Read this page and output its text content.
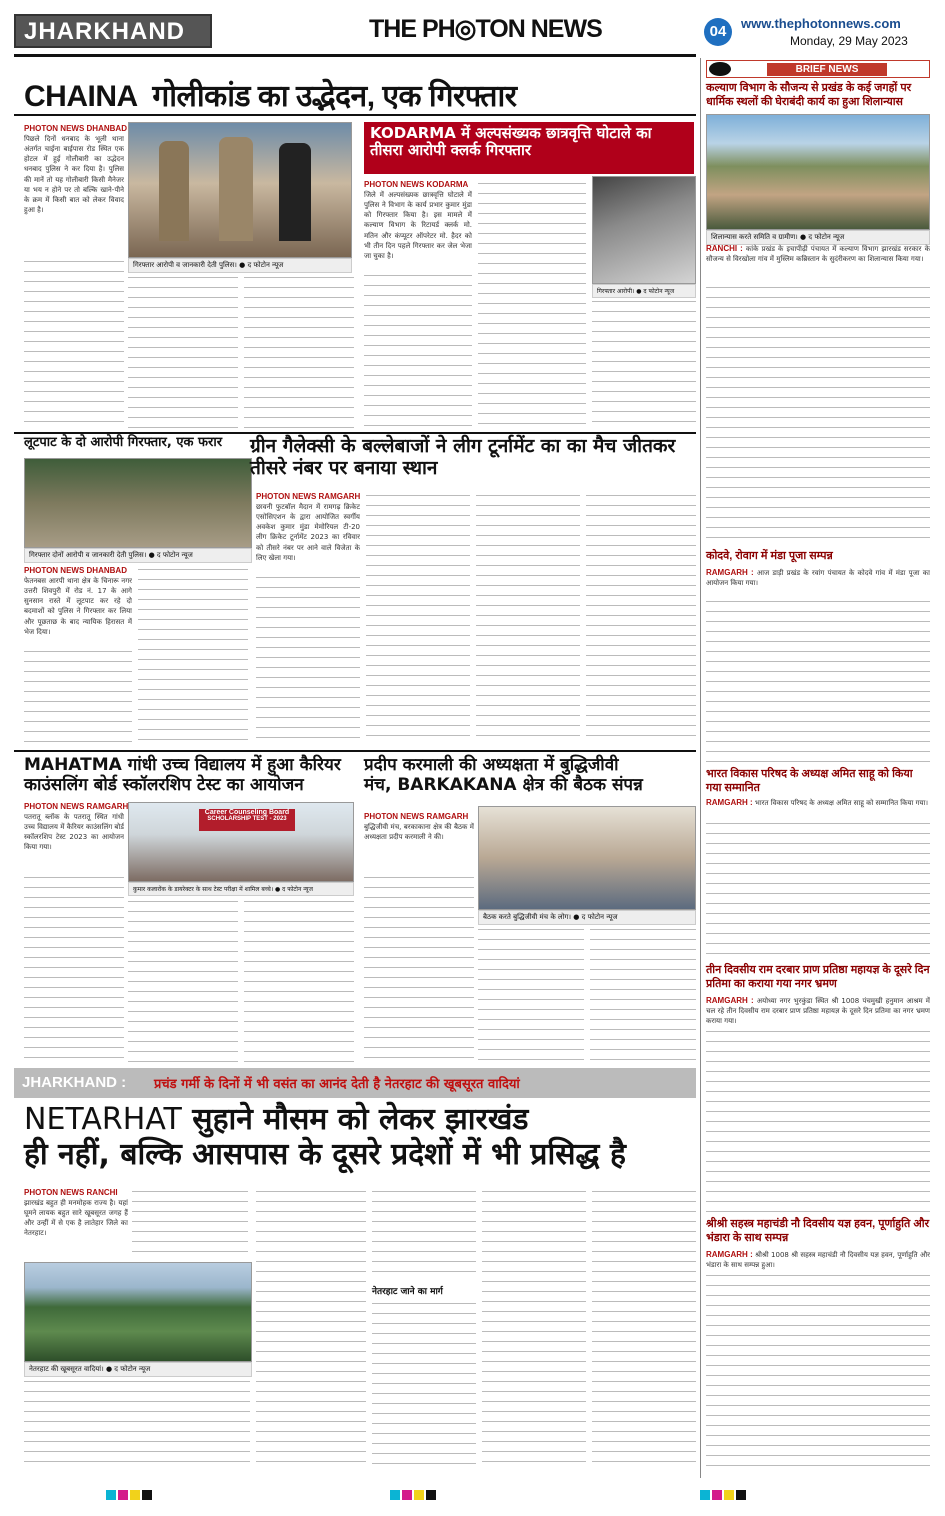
JHARKHAND	THE PH◎TON NEWS	04	www.thephotonnews.com
Monday, 29 May 2023
CHAINA गोलीकांड का उद्भेदन, एक गिरफ्तार
PHOTON NEWS DHANBAD
पिछले दिनों धनबाद के भूली थाना अंतर्गत चाईना बाईपास रोड स्थित एक होटल में हुई गोलीबारी का उद्भेदन धनबाद पुलिस ने कर दिया है। पुलिस की मानें तो यह गोलीबारी किसी मैनेजर या भय न होने पर तो बल्कि खाने-पीने के क्रम में किसी बात को लेकर विवाद हुआ है।
गिरफ्तार आरोपी व जानकारी देती पुलिस। ● द फोटोन न्यूज
KODARMA में अल्पसंख्यक छात्रवृत्ति घोटाले का तीसरा आरोपी क्लर्क गिरफ्तार
PHOTON NEWS KODARMA
जिले में अल्पसंख्यक छात्रवृत्ति घोटाले में पुलिस ने विभाग के कार्य प्रभार कुमार मुंडा को गिरफ्तार किया है। इस मामले में कल्याण विभाग के रिटायर्ड क्लर्क मो. मतिन और कंप्यूटर ऑपरेटर मो. हैदर को भी तीन दिन पहले गिरफ्तार कर जेल भेजा जा चुका है।
गिरफ्तार आरोपी। ● द फोटोन न्यूज
लूटपाट के दो आरोपी गिरफ्तार, एक फरार
गिरफ्तार दोनों आरोपी व जानकारी देती पुलिस। ● द फोटोन न्यूज
PHOTON NEWS DHANBAD
फेतनबस आरपी थाना क्षेत्र के चिनारू नगर उत्तरी शिवपुरी में रोड नं. 17 के आगे सुनसान रास्ते में लूटपाट कर रहे दो बदमाशों को पुलिस ने गिरफ्तार कर लिया और पूछताछ के बाद न्यायिक हिरासत में भेज दिया।
ग्रीन गैलेक्सी के बल्लेबाजों ने लीग टूर्नामेंट का का मैच जीतकर तीसरे नंबर पर बनाया स्थान
PHOTON NEWS RAMGARH
छावनी फुटबॉल मैदान में रामगढ़ क्रिकेट एसोसिएशन के द्वारा आयोजित स्वर्गीय अवकेश कुमार मुंडा मेमोरियल टी-20 लीग क्रिकेट टूर्नामेंट 2023 का रविवार को तीसरे नंबर पर आने वाले विजेता के लिए खेला गया।
MAHATMA गांधी उच्च विद्यालय में हुआ कैरियर
काउंसलिंग बोर्ड स्कॉलरशिप टेस्ट का आयोजन
PHOTON NEWS RAMGARH
पतरातू ब्लॉक के पतरातू स्थित गांधी उच्च विद्यालय में कैरियर काउंसलिंग बोर्ड स्कॉलरशिप टेस्ट 2023 का आयोजन किया गया।
Career Counseling Board
SCHOLARSHIP TEST - 2023
कुमार कलारोंक के डायरेक्टर के साथ टेस्ट परीक्षा में शामिल बच्चे। ● द फोटोन न्यूज
प्रदीप करमाली की अध्यक्षता में बुद्धिजीवी
मंच, BARKAKANA क्षेत्र की बैठक संपन्न
PHOTON NEWS RAMGARH
बुद्धिजीवी मंच, बरकाकाना क्षेत्र की बैठक में अध्यक्षता प्रदीप करमाली ने की।
बैठक करते बुद्धिजीवी मंच के लोग। ● द फोटोन न्यूज
JHARKHAND : प्रचंड गर्मी के दिनों में भी वसंत का आनंद देती है नेतरहाट की खूबसूरत वादियां
NETARHAT सुहाने मौसम को लेकर झारखंड
ही नहीं, बल्कि आसपास के दूसरे प्रदेशों में भी प्रसिद्ध है
PHOTON NEWS RANCHI
झारखंड बहुत ही मनमोहक राज्य है। यहां घूमने लायक बहुत सारे खूबसूरत जगह हैं और उन्हीं में से एक है लातेहार जिले का नेतरहाट।
नेतरहाट की खूबसूरत वादियां। ● द फोटोन न्यूज
नेतरहाट जाने का मार्ग
BRIEF NEWS
कल्याण विभाग के सौजन्य से प्रखंड के कई जगहों पर धार्मिक स्थलों की घेराबंदी कार्य का हुआ शिलान्यास
शिलान्यास करते समिति व ग्रामीण। ● द फोटोन न्यूज
RANCHI : कांके प्रखंड के इचापीढ़ी पंचायत में कल्याण विभाग झारखंड सरकार के सौजन्य से विरखोला गांव में मुस्लिम कब्रिस्तान के सुदंरीकरण का शिलान्यास किया गया।
कोदवे, रोवाग में मंडा पूजा सम्पन्न
RAMGARH : आज डाड़ी प्रखंड के रवांग पंचायत के कोदवे गांव में मंडा पूजा का आयोजन किया गया।
भारत विकास परिषद के अध्यक्ष अमित साहू को किया गया सम्मानित
RAMGARH : भारत विकास परिषद के अध्यक्ष अमित साहू को सम्मानित किया गया।
तीन दिवसीय राम दरबार प्राण प्रतिष्ठा महायज्ञ के दूसरे दिन प्रतिमा का कराया गया नगर भ्रमण
RAMGARH : अयोध्या नगर भुरकुंडा स्थित श्री 1008 पंचमुखी हनुमान आश्रम में चल रहे तीन दिवसीय राम दरबार प्राण प्रतिष्ठा महायज्ञ के दूसरे दिन प्रतिमा का नगर भ्रमण कराया गया।
श्रीश्री सहस्त्र महाचंडी नौ दिवसीय यज्ञ हवन, पूर्णाहुति और भंडारा के साथ सम्पन्न
RAMGARH : श्रीश्री 1008 श्री सहस्त्र महाचंडी नौ दिवसीय यज्ञ हवन, पूर्णाहुति और भंडारा के साथ सम्पन्न हुआ।
